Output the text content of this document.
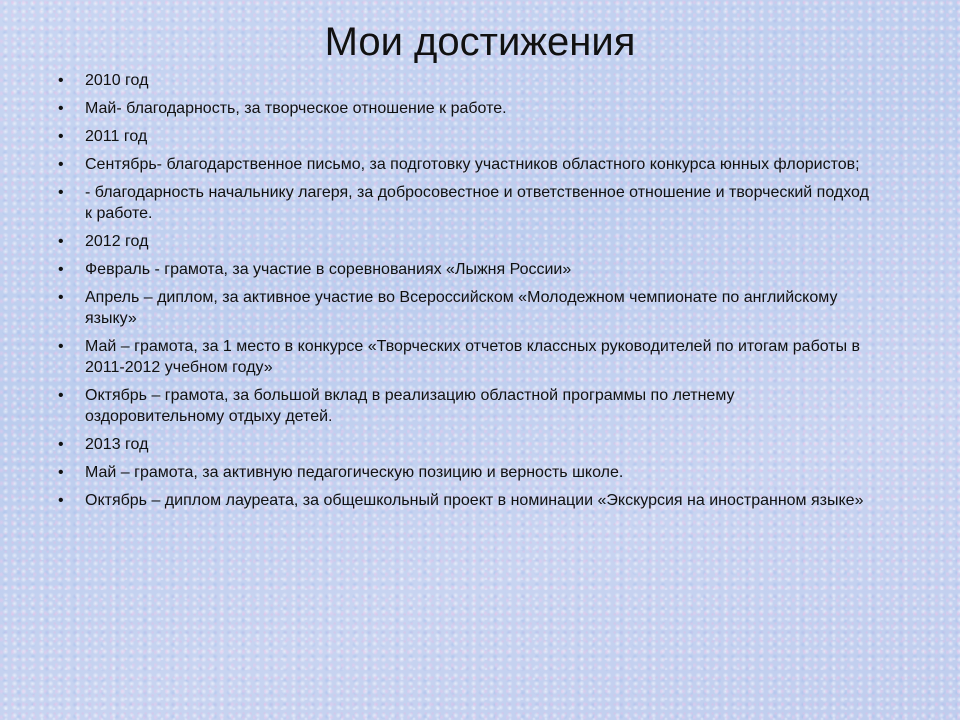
Мои достижения
• 2010 год
• Май- благодарность, за творческое отношение к работе.
• 2011 год
• Сентябрь- благодарственное письмо, за подготовку участников областного конкурса юнных флористов;
• - благодарность начальнику лагеря, за добросовестное и ответственное отношение и творческий подход к работе.
• 2012 год
• Февраль - грамота, за участие в соревнованиях «Лыжня России»
• Апрель – диплом, за активное участие во Всероссийском «Молодежном чемпионате по английскому языку»
• Май – грамота, за 1 место в конкурсе «Творческих отчетов классных руководителей по итогам работы в 2011-2012 учебном году»
• Октябрь – грамота, за большой вклад в реализацию областной программы по летнему оздоровительному отдыху детей.
• 2013 год
• Май – грамота, за активную педагогическую позицию и верность школе.
• Октябрь – диплом лауреата, за общешкольный проект в номинации «Экскурсия на иностранном языке»
